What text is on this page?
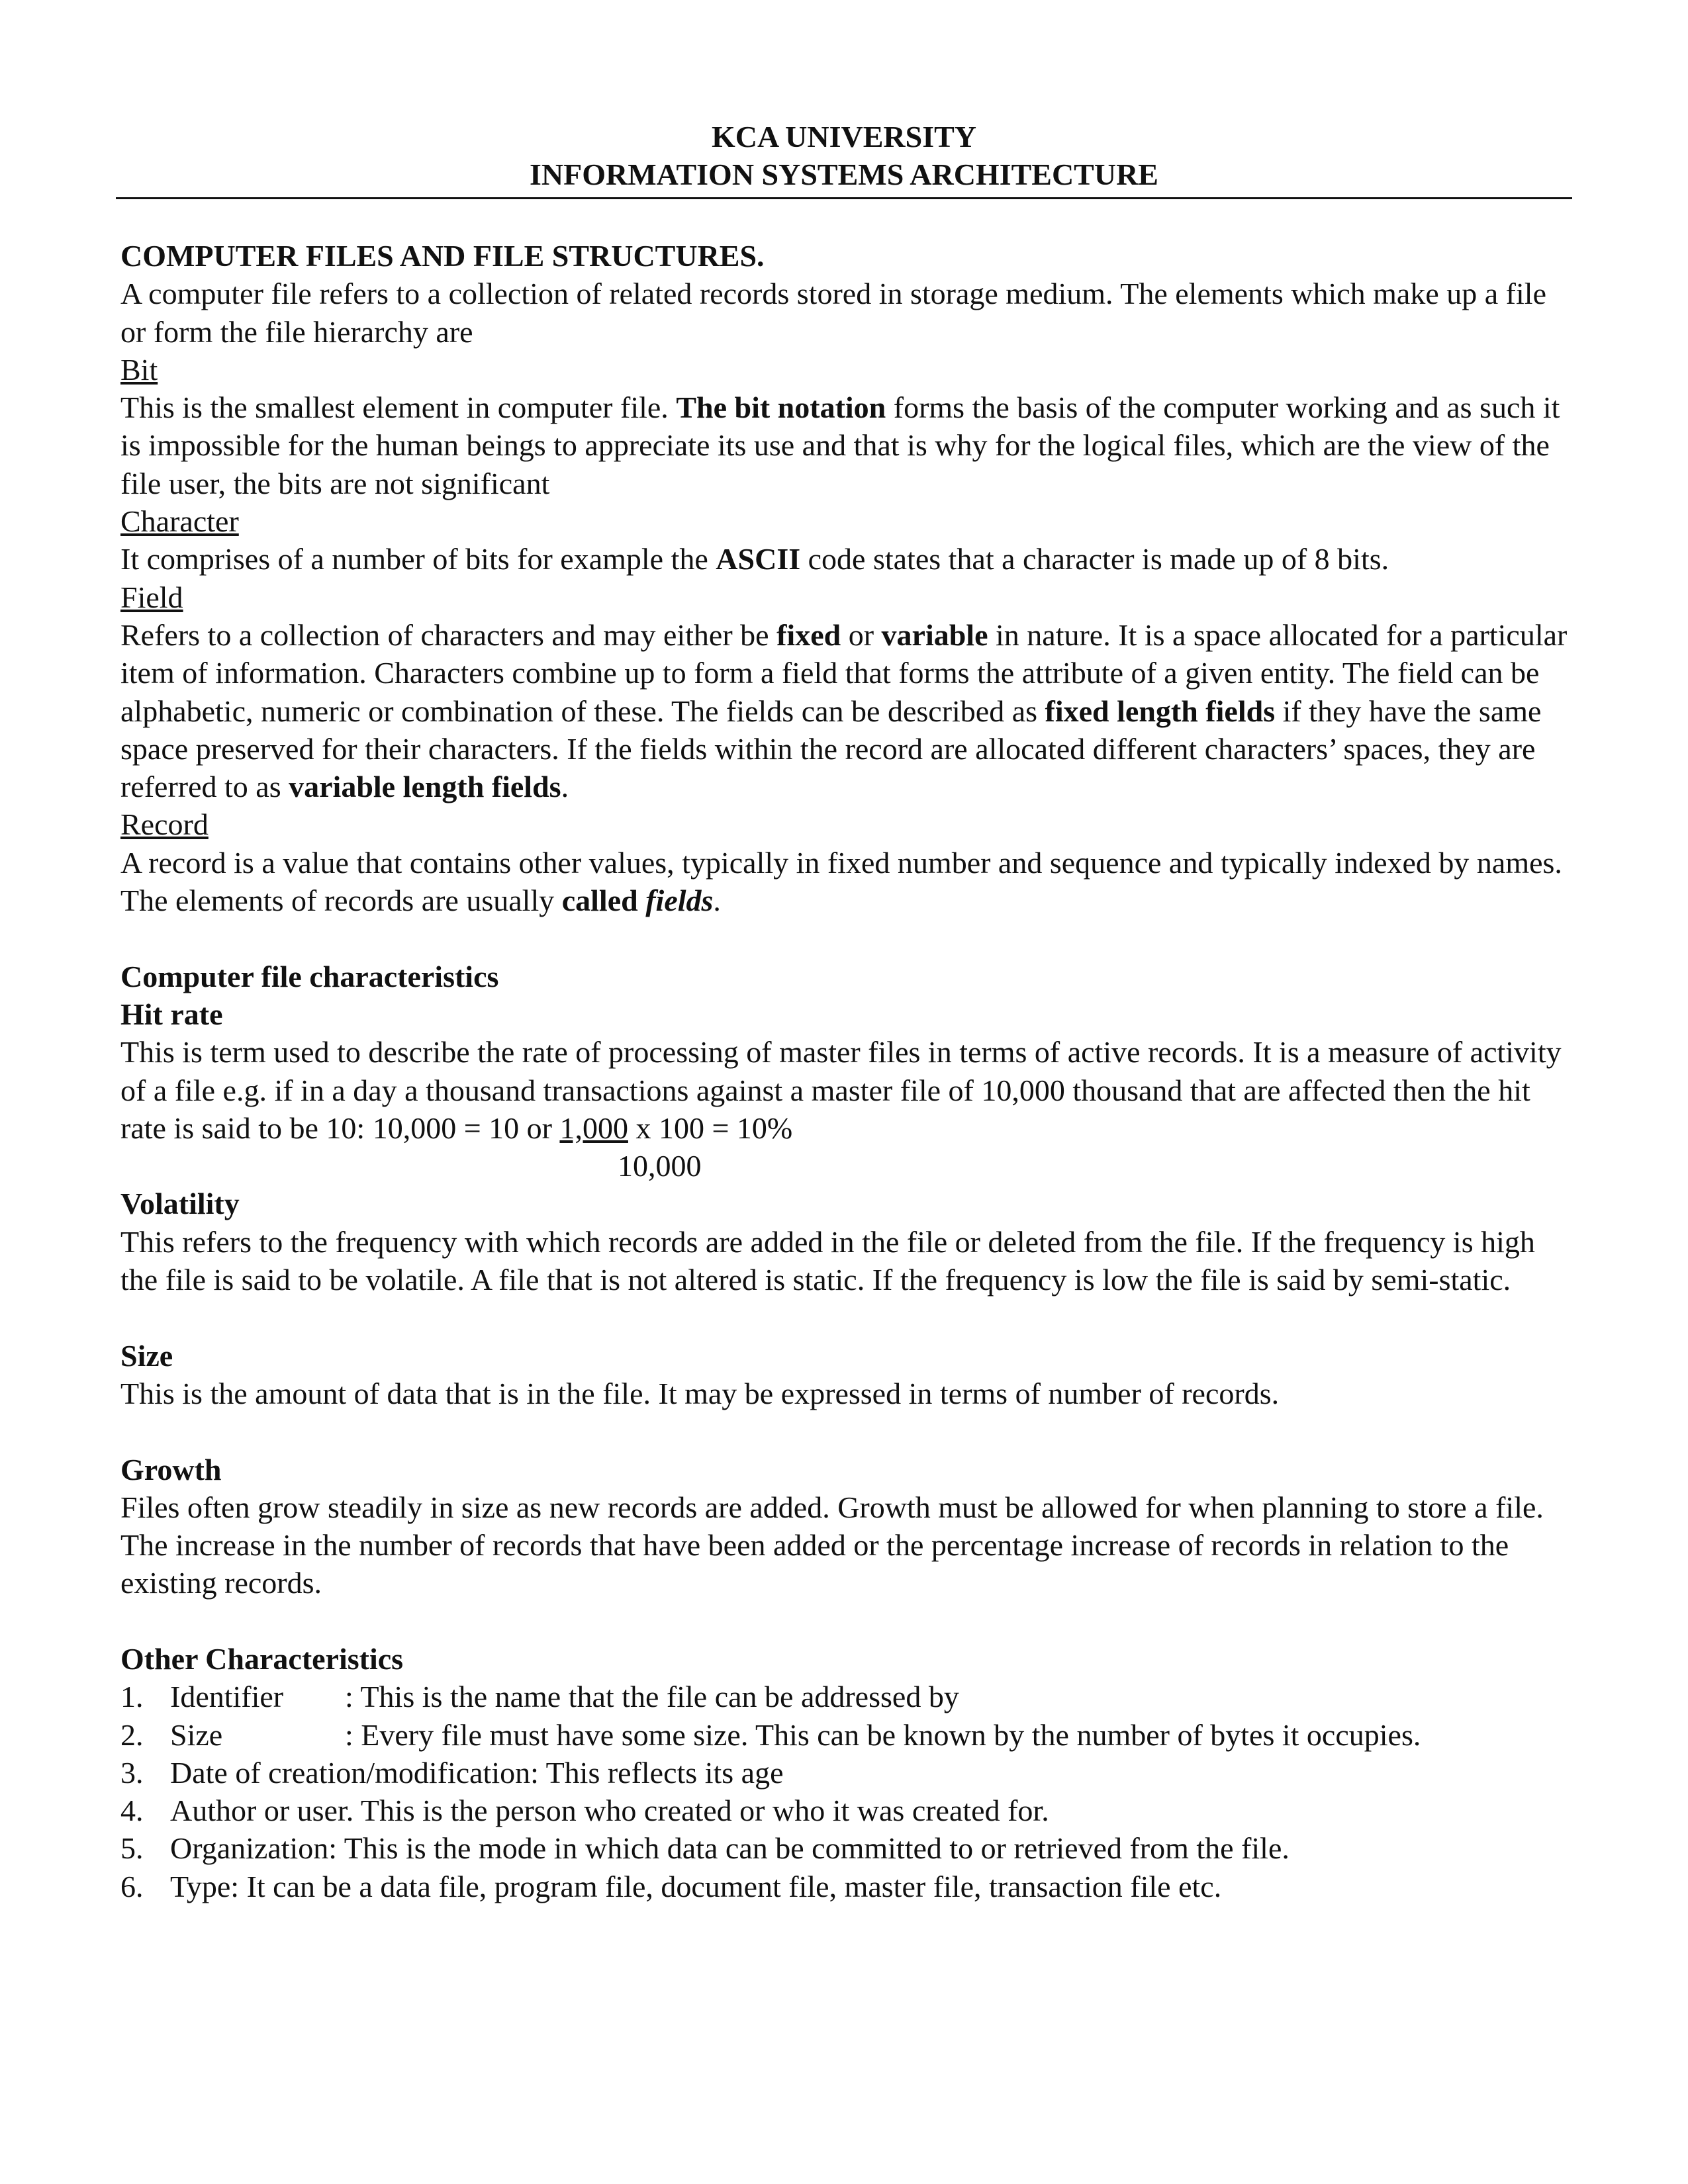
KCA UNIVERSITY
INFORMATION SYSTEMS ARCHITECTURE

COMPUTER FILES AND FILE STRUCTURES.

A computer file refers to a collection of related records stored in storage medium. The elements which make up a file or form the file hierarchy are

Bit

This is the smallest element in computer file. The bit notation forms the basis of the computer working and as such it is impossible for the human beings to appreciate its use and that is why for the logical files, which are the view of the file user, the bits are not significant

Character

It comprises of a number of bits for example the ASCII code states that a character is made up of 8 bits.

Field

Refers to a collection of characters and may either be fixed or variable in nature. It is a space allocated for a particular item of information. Characters combine up to form a field that forms the attribute of a given entity. The field can be alphabetic, numeric or combination of these. The fields can be described as fixed length fields if they have the same space preserved for their characters. If the fields within the record are allocated different characters’ spaces, they are referred to as variable length fields.

Record

A record is a value that contains other values, typically in fixed number and sequence and typically indexed by names. The elements of records are usually called fields.

Computer file characteristics

Hit rate

This is term used to describe the rate of processing of master files in terms of active records. It is a measure of activity of a file e.g. if in a day a thousand transactions against a master file of 10,000 thousand that are affected then the hit rate is said to be 10: 10,000 = 10 or 1,000 x 100 = 10%

10,000

Volatility

This refers to the frequency with which records are added in the file or deleted from the file. If the frequency is high the file is said to be volatile. A file that is not altered is static. If the frequency is low the file is said by semi-static.

Size

This is the amount of data that is in the file. It may be expressed in terms of number of records.

Growth

Files often grow steadily in size as new records are added. Growth must be allowed for when planning to store a file. The increase in the number of records that have been added or the percentage increase of records in relation to the existing records.

Other Characteristics

1. Identifier : This is the name that the file can be addressed by
2. Size	: Every file must have some size. This can be known by the number of bytes it occupies.
3. Date of creation/modification: This reflects its age
4. Author or user. This is the person who created or who it was created for.
5. Organization: This is the mode in which data can be committed to or retrieved from the file.
6. Type: It can be a data file, program file, document file, master file, transaction file etc.
